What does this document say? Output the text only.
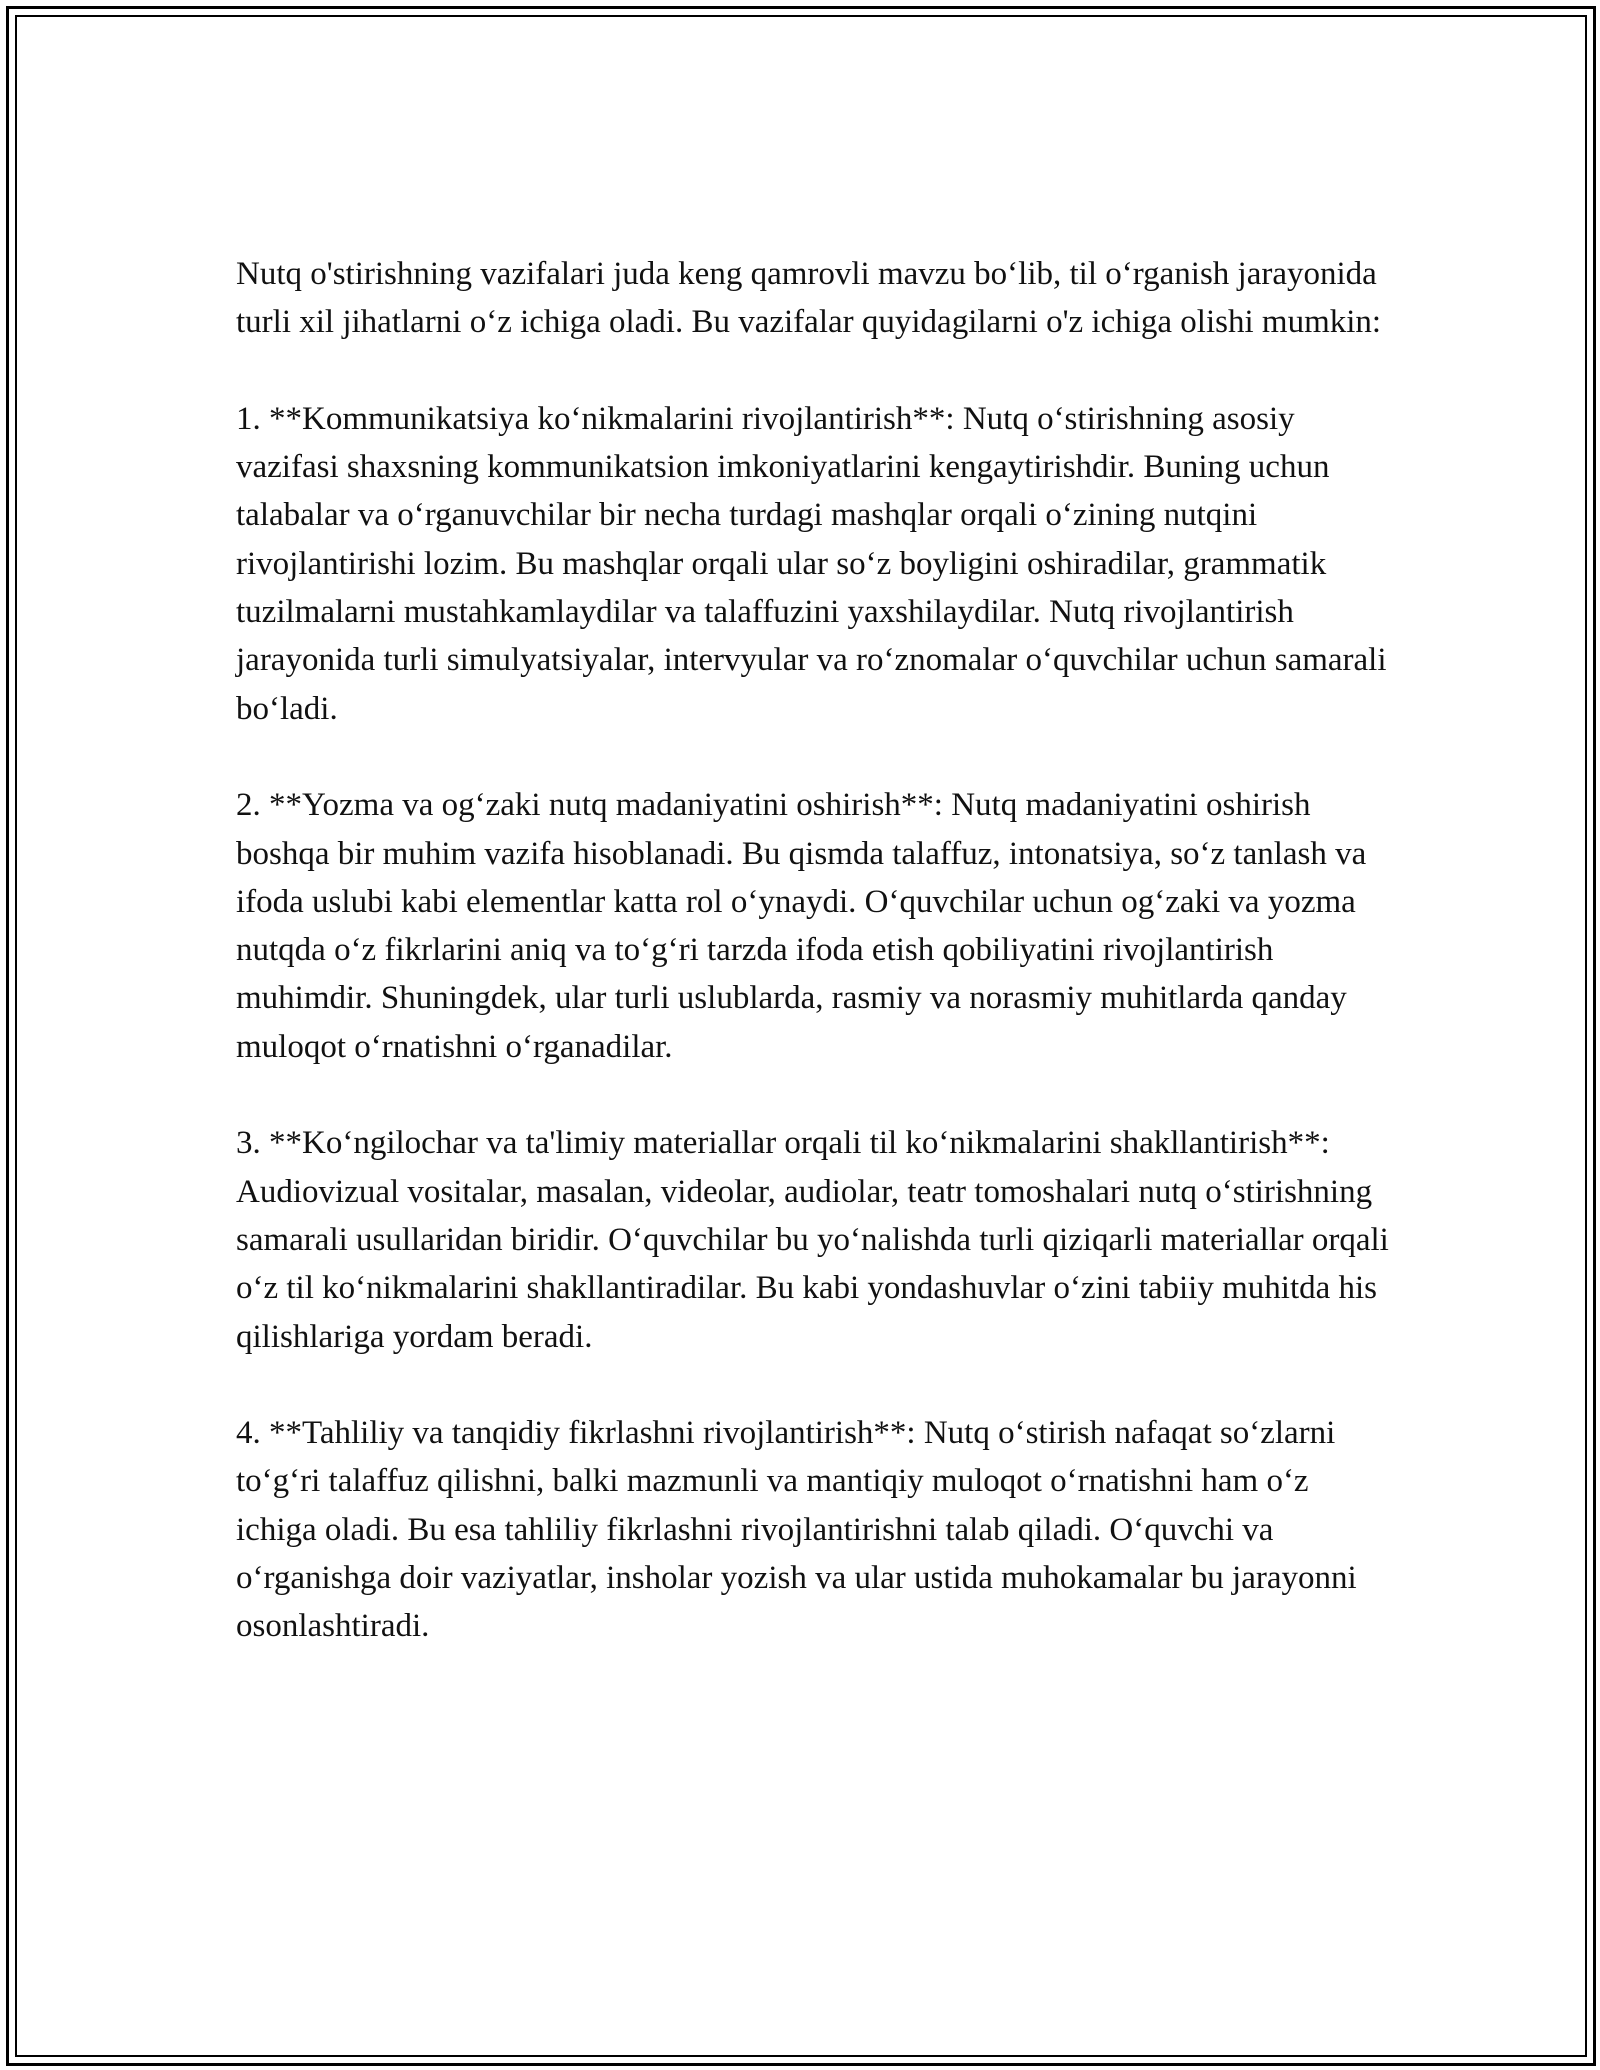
Nutq o'stirishning vazifalari juda keng qamrovli mavzu bo‘lib, til o‘rganish jarayonida turli xil jihatlarni o‘z ichiga oladi. Bu vazifalar quyidagilarni o'z ichiga olishi mumkin:

1. **Kommunikatsiya ko‘nikmalarini rivojlantirish**: Nutq o‘stirishning asosiy vazifasi shaxsning kommunikatsion imkoniyatlarini kengaytirishdir. Buning uchun talabalar va o‘rganuvchilar bir necha turdagi mashqlar orqali o‘zining nutqini rivojlantirishi lozim. Bu mashqlar orqali ular so‘z boyligini oshiradilar, grammatik tuzilmalarni mustahkamlaydilar va talaffuzini yaxshilaydilar. Nutq rivojlantirish jarayonida turli simulyatsiyalar, intervyular va ro‘znomalar o‘quvchilar uchun samarali bo‘ladi.

2. **Yozma va og‘zaki nutq madaniyatini oshirish**: Nutq madaniyatini oshirish boshqa bir muhim vazifa hisoblanadi. Bu qismda talaffuz, intonatsiya, so‘z tanlash va ifoda uslubi kabi elementlar katta rol o‘ynaydi. O‘quvchilar uchun og‘zaki va yozma nutqda o‘z fikrlarini aniq va to‘g‘ri tarzda ifoda etish qobiliyatini rivojlantirish muhimdir. Shuningdek, ular turli uslublarda, rasmiy va norasmiy muhitlarda qanday muloqot o‘rnatishni o‘rganadilar.

3. **Ko‘ngilochar va ta'limiy materiallar orqali til ko‘nikmalarini shakllantirish**: Audiovizual vositalar, masalan, videolar, audiolar, teatr tomoshalari nutq o‘stirishning samarali usullaridan biridir. O‘quvchilar bu yo‘nalishda turli qiziqarli materiallar orqali o‘z til ko‘nikmalarini shakllantiradilar. Bu kabi yondashuvlar o‘zini tabiiy muhitda his qilishlariga yordam beradi.

4. **Tahliliy va tanqidiy fikrlashni rivojlantirish**: Nutq o‘stirish nafaqat so‘zlarni to‘g‘ri talaffuz qilishni, balki mazmunli va mantiqiy muloqot o‘rnatishni ham o‘z ichiga oladi. Bu esa tahliliy fikrlashni rivojlantirishni talab qiladi. O‘quvchi va o‘rganishga doir vaziyatlar, insholar yozish va ular ustida muhokamalar bu jarayonni osonlashtiradi.
